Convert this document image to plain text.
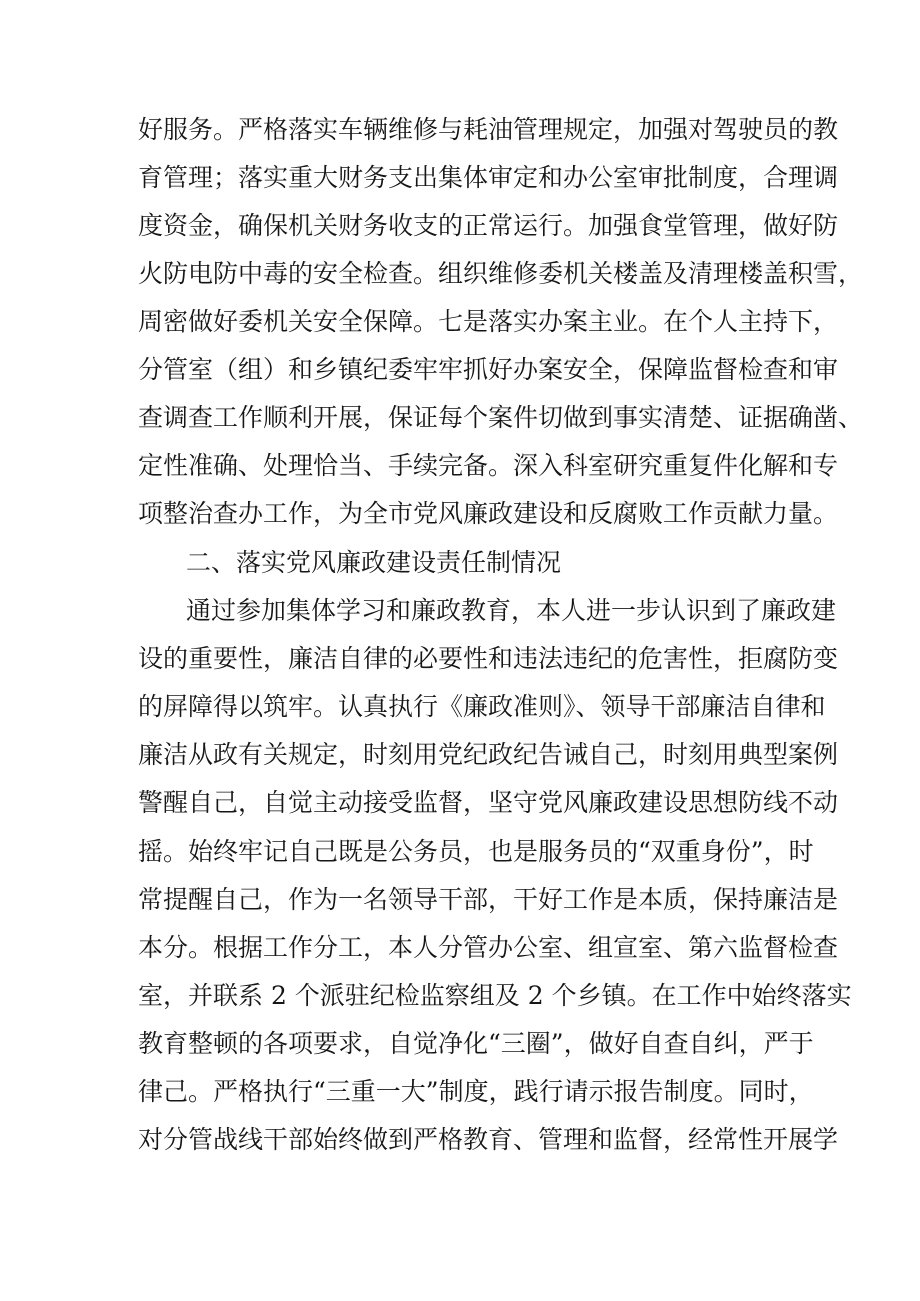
好服务。严格落实车辆维修与耗油管理规定，加强对驾驶员的教
育管理；落实重大财务支出集体审定和办公室审批制度，合理调
度资金，确保机关财务收支的正常运行。加强食堂管理，做好防
火防电防中毒的安全检查。组织维修委机关楼盖及清理楼盖积雪，
周密做好委机关安全保障。七是落实办案主业。在个人主持下，
分管室（组）和乡镇纪委牢牢抓好办案安全，保障监督检查和审
查调查工作顺利开展，保证每个案件切做到事实清楚、证据确凿、
定性准确、处理恰当、手续完备。深入科室研究重复件化解和专
项整治查办工作，为全市党风廉政建设和反腐败工作贡献力量。
二、落实党风廉政建设责任制情况
通过参加集体学习和廉政教育，本人进一步认识到了廉政建
设的重要性，廉洁自律的必要性和违法违纪的危害性，拒腐防变
的屏障得以筑牢。认真执行《廉政准则》、领导干部廉洁自律和
廉洁从政有关规定，时刻用党纪政纪告诫自己，时刻用典型案例
警醒自己，自觉主动接受监督，坚守党风廉政建设思想防线不动
摇。始终牢记自己既是公务员，也是服务员的“双重身份”，时
常提醒自己，作为一名领导干部，干好工作是本质，保持廉洁是
本分。根据工作分工，本人分管办公室、组宣室、第六监督检查
室，并联系 2 个派驻纪检监察组及 2 个乡镇。在工作中始终落实
教育整顿的各项要求，自觉净化“三圈”，做好自查自纠，严于
律己。严格执行“三重一大”制度，践行请示报告制度。同时，
对分管战线干部始终做到严格教育、管理和监督，经常性开展学
